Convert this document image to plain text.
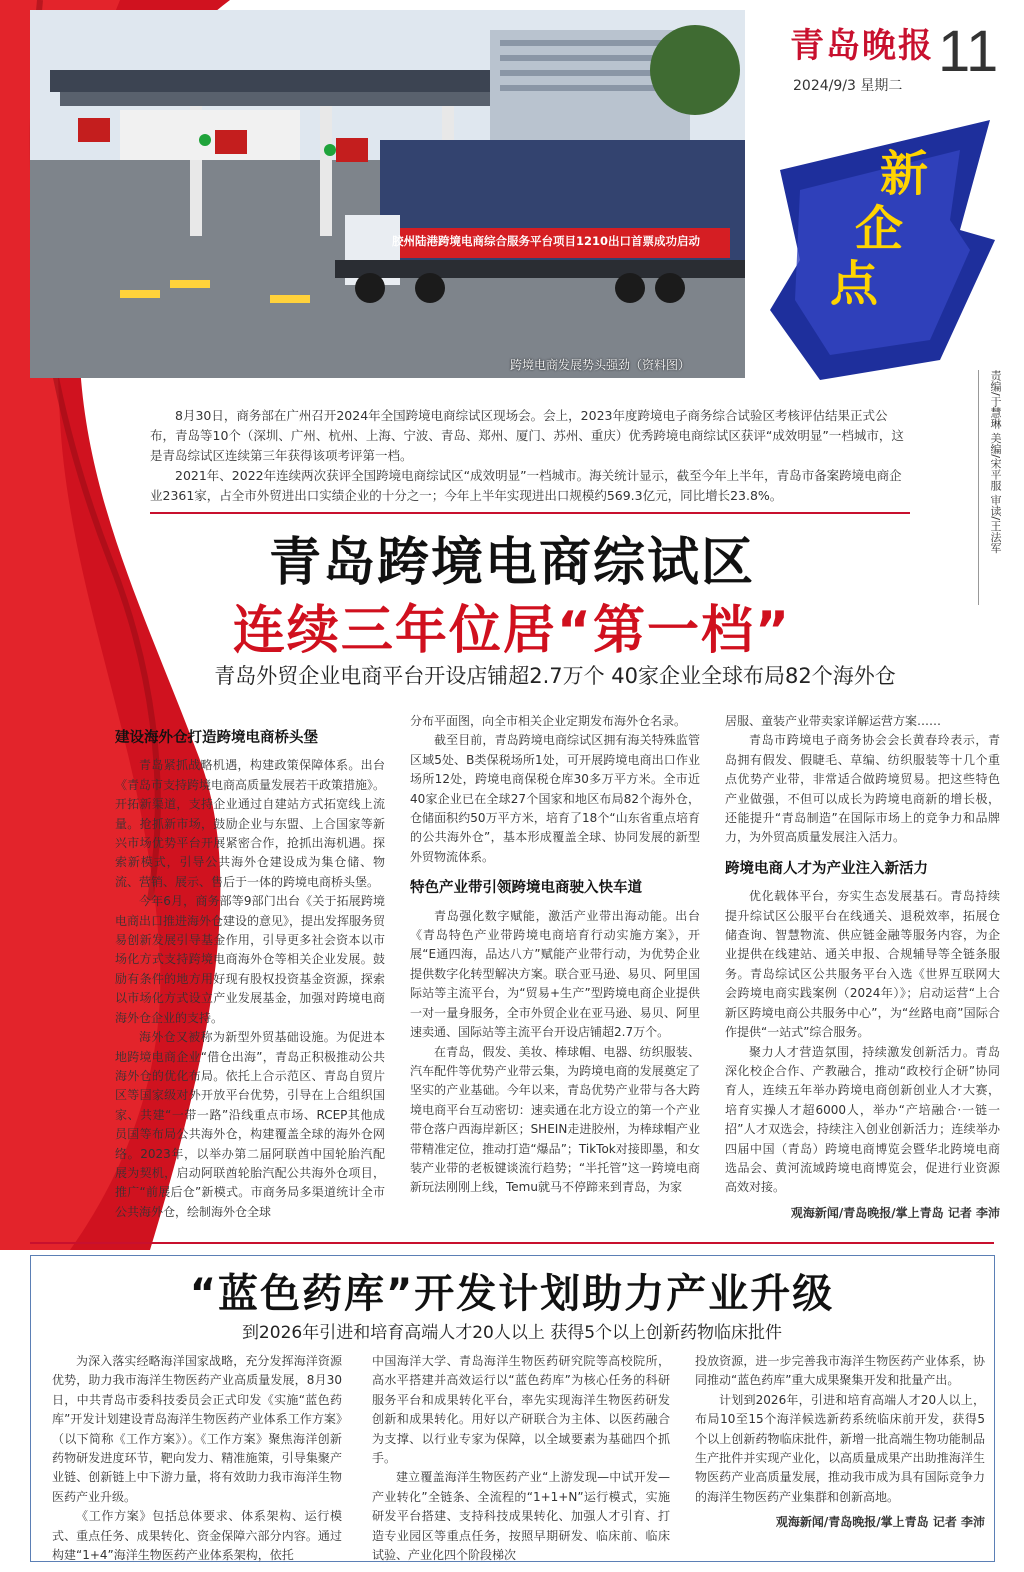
胶州陆港跨境电商综合服务平台项目1210出口首票成功启动
跨境电商发展势头强劲（资料图）
青岛晚报 11
2024/9/3 星期二
新
企
点
责编/于慧琳 美编/宋平服 审读/王法军

8月30日，商务部在广州召开2024年全国跨境电商综试区现场会。会上，2023年度跨境电子商务综合试验区考核评估结果正式公布，青岛等10个（深圳、广州、杭州、上海、宁波、青岛、郑州、厦门、苏州、重庆）优秀跨境电商综试区获评“成效明显”一档城市，这是青岛综试区连续第三年获得该项考评第一档。

2021年、2022年连续两次获评全国跨境电商综试区“成效明显”一档城市。海关统计显示，截至今年上半年，青岛市备案跨境电商企业2361家，占全市外贸进出口实绩企业的十分之一；今年上半年实现进出口规模约569.3亿元，同比增长23.8%。

青岛跨境电商综试区
连续三年位居“第一档”
青岛外贸企业电商平台开设店铺超2.7万个 40家企业全球布局82个海外仓
建设海外仓打造跨境电商桥头堡

青岛紧抓战略机遇，构建政策保障体系。出台《青岛市支持跨境电商高质量发展若干政策措施》。开拓新渠道，支持企业通过自建站方式拓宽线上流量。抢抓新市场，鼓励企业与东盟、上合国家等新兴市场优势平台开展紧密合作，抢抓出海机遇。探索新模式，引导公共海外仓建设成为集仓储、物流、营销、展示、售后于一体的跨境电商桥头堡。

今年6月，商务部等9部门出台《关于拓展跨境电商出口推进海外仓建设的意见》，提出发挥服务贸易创新发展引导基金作用，引导更多社会资本以市场化方式支持跨境电商海外仓等相关企业发展。鼓励有条件的地方用好现有股权投资基金资源，探索以市场化方式设立产业发展基金，加强对跨境电商海外仓企业的支持。

海外仓又被称为新型外贸基础设施。为促进本地跨境电商企业“借仓出海”，青岛正积极推动公共海外仓的优化布局。依托上合示范区、青岛自贸片区等国家级对外开放平台优势，引导在上合组织国家、共建“一带一路”沿线重点市场、RCEP其他成员国等布局公共海外仓，构建覆盖全球的海外仓网络。2023年，以举办第二届阿联酋中国轮胎汽配展为契机，启动阿联酋轮胎汽配公共海外仓项目，推广“前展后仓”新模式。市商务局多渠道统计全市公共海外仓，绘制海外仓全球

分布平面图，向全市相关企业定期发布海外仓名录。

截至目前，青岛跨境电商综试区拥有海关特殊监管区域5处、B类保税场所1处，可开展跨境电商出口作业场所12处，跨境电商保税仓库30多万平方米。全市近40家企业已在全球27个国家和地区布局82个海外仓，仓储面积约50万平方米，培育了18个“山东省重点培育的公共海外仓”，基本形成覆盖全球、协同发展的新型外贸物流体系。

特色产业带引领跨境电商驶入快车道

青岛强化数字赋能，激活产业带出海动能。出台《青岛特色产业带跨境电商培育行动实施方案》，开展“E通四海，品达八方”赋能产业带行动，为优势企业提供数字化转型解决方案。联合亚马逊、易贝、阿里国际站等主流平台，为“贸易+生产”型跨境电商企业提供一对一量身服务，全市外贸企业在亚马逊、易贝、阿里速卖通、国际站等主流平台开设店铺超2.7万个。

在青岛，假发、美妆、棒球帽、电器、纺织服装、汽车配件等优势产业带云集，为跨境电商的发展奠定了坚实的产业基础。今年以来，青岛优势产业带与各大跨境电商平台互动密切：速卖通在北方设立的第一个产业带仓落户西海岸新区；SHEIN走进胶州，为棒球帽产业带精准定位，推动打造“爆品”；TikTok对接即墨，和女装产业带的老板键谈流行趋势；“半托管”这一跨境电商新玩法刚刚上线，Temu就马不停蹄来到青岛，为家

居服、童装产业带卖家详解运营方案……

青岛市跨境电子商务协会会长黄春玲表示，青岛拥有假发、假睫毛、草编、纺织服装等十几个重点优势产业带，非常适合做跨境贸易。把这些特色产业做强，不但可以成长为跨境电商新的增长极，还能提升“青岛制造”在国际市场上的竞争力和品牌力，为外贸高质量发展注入活力。

跨境电商人才为产业注入新活力

优化载体平台，夯实生态发展基石。青岛持续提升综试区公服平台在线通关、退税效率，拓展仓储查询、智慧物流、供应链金融等服务内容，为企业提供在线建站、通关申报、合规辅导等全链条服务。青岛综试区公共服务平台入选《世界互联网大会跨境电商实践案例（2024年）》；启动运营“上合新区跨境电商公共服务中心”，为“丝路电商”国际合作提供“一站式”综合服务。

聚力人才营造氛围，持续激发创新活力。青岛深化校企合作、产教融合，推动“政校行企研”协同育人，连续五年举办跨境电商创新创业人才大赛，培育实操人才超6000人，举办“产培融合·一链一招”人才双选会，持续注入创业创新活力；连续举办四届中国（青岛）跨境电商博览会暨华北跨境电商选品会、黄河流域跨境电商博览会，促进行业资源高效对接。

观海新闻/青岛晚报/掌上青岛 记者 李沛

“蓝色药库”开发计划助力产业升级
到2026年引进和培育高端人才20人以上 获得5个以上创新药物临床批件

为深入落实经略海洋国家战略，充分发挥海洋资源优势，助力我市海洋生物医药产业高质量发展，8月30日，中共青岛市委科技委员会正式印发《实施“蓝色药库”开发计划建设青岛海洋生物医药产业体系工作方案》（以下简称《工作方案》）。《工作方案》聚焦海洋创新药物研发进度环节，靶向发力、精准施策，引导集聚产业链、创新链上中下游力量，将有效助力我市海洋生物医药产业升级。

《工作方案》包括总体要求、体系架构、运行模式、重点任务、成果转化、资金保障六部分内容。通过构建“1+4”海洋生物医药产业体系架构，依托

中国海洋大学、青岛海洋生物医药研究院等高校院所，高水平搭建并高效运行以“蓝色药库”为核心任务的科研服务平台和成果转化平台，率先实现海洋生物医药研发创新和成果转化。用好以产研联合为主体、以医药融合为支撑、以行业专家为保障，以全域要素为基础四个抓手。

建立覆盖海洋生物医药产业“上游发现—中试开发—产业转化”全链条、全流程的“1+1+N”运行模式，实施研发平台搭建、支持科技成果转化、加强人才引育、打造专业园区等重点任务，按照早期研发、临床前、临床试验、产业化四个阶段梯次

投放资源，进一步完善我市海洋生物医药产业体系，协同推动“蓝色药库”重大成果聚集开发和批量产出。

计划到2026年，引进和培育高端人才20人以上，布局10至15个海洋候选新药系统临床前开发，获得5个以上创新药物临床批件，新增一批高端生物功能制品生产批件并实现产业化，以高质量成果产出助推海洋生物医药产业高质量发展，推动我市成为具有国际竞争力的海洋生物医药产业集群和创新高地。

观海新闻/青岛晚报/掌上青岛 记者 李沛
